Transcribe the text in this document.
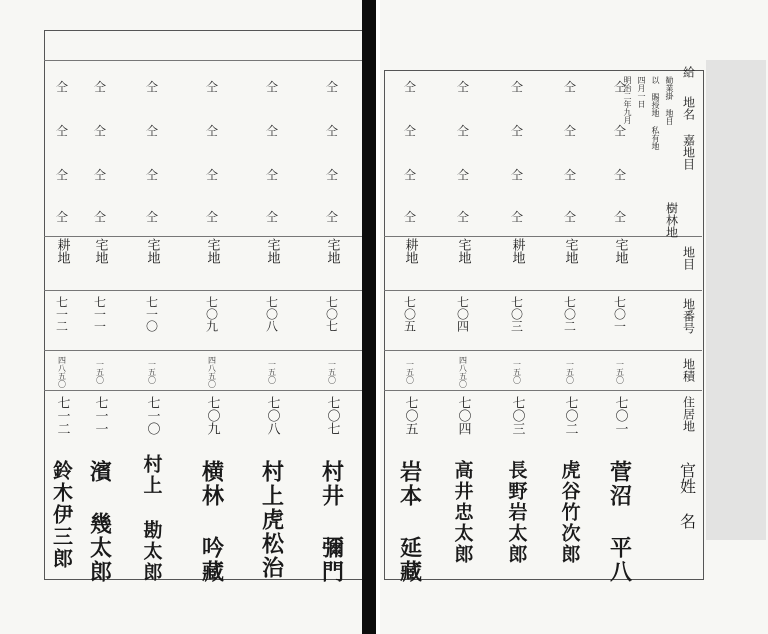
仝
仝
仝
仝
宅地
七〇七
一五〇
七〇七
村井 彌門
仝
仝
仝
仝
宅地
七〇八
一五〇
七〇八
村上虎松治
仝
仝
仝
仝
宅地
七〇九
四八五〇
七〇九
横林 吟藏
仝
仝
仝
仝
宅地
七一〇
一五〇
七一〇
村上 勘太郎
仝
仝
仝
仝
宅地
七一一
一五〇
七一一
濱 幾太郎
仝
仝
仝
仝
耕地
七一二
四八五〇
七一二
鈴木伊三郎
給
明治二年九月 四月一日 以 賜授地 私有地 勧業掛 地目 地名
嘉地目
樹林地
地目
地番号
地積
住居地
官姓 名
仝
仝
仝
仝
宅地
七〇一
一五〇
七〇一
菅沼 平八
仝
仝
仝
仝
宅地
七〇二
一五〇
七〇二
虎谷竹次郎
仝
仝
仝
仝
耕地
七〇三
一五〇
七〇三
長野岩太郎
仝
仝
仝
仝
宅地
七〇四
四八五〇
七〇四
高井忠太郎
仝
仝
仝
仝
耕地
七〇五
一五〇
七〇五
岩本 延藏
